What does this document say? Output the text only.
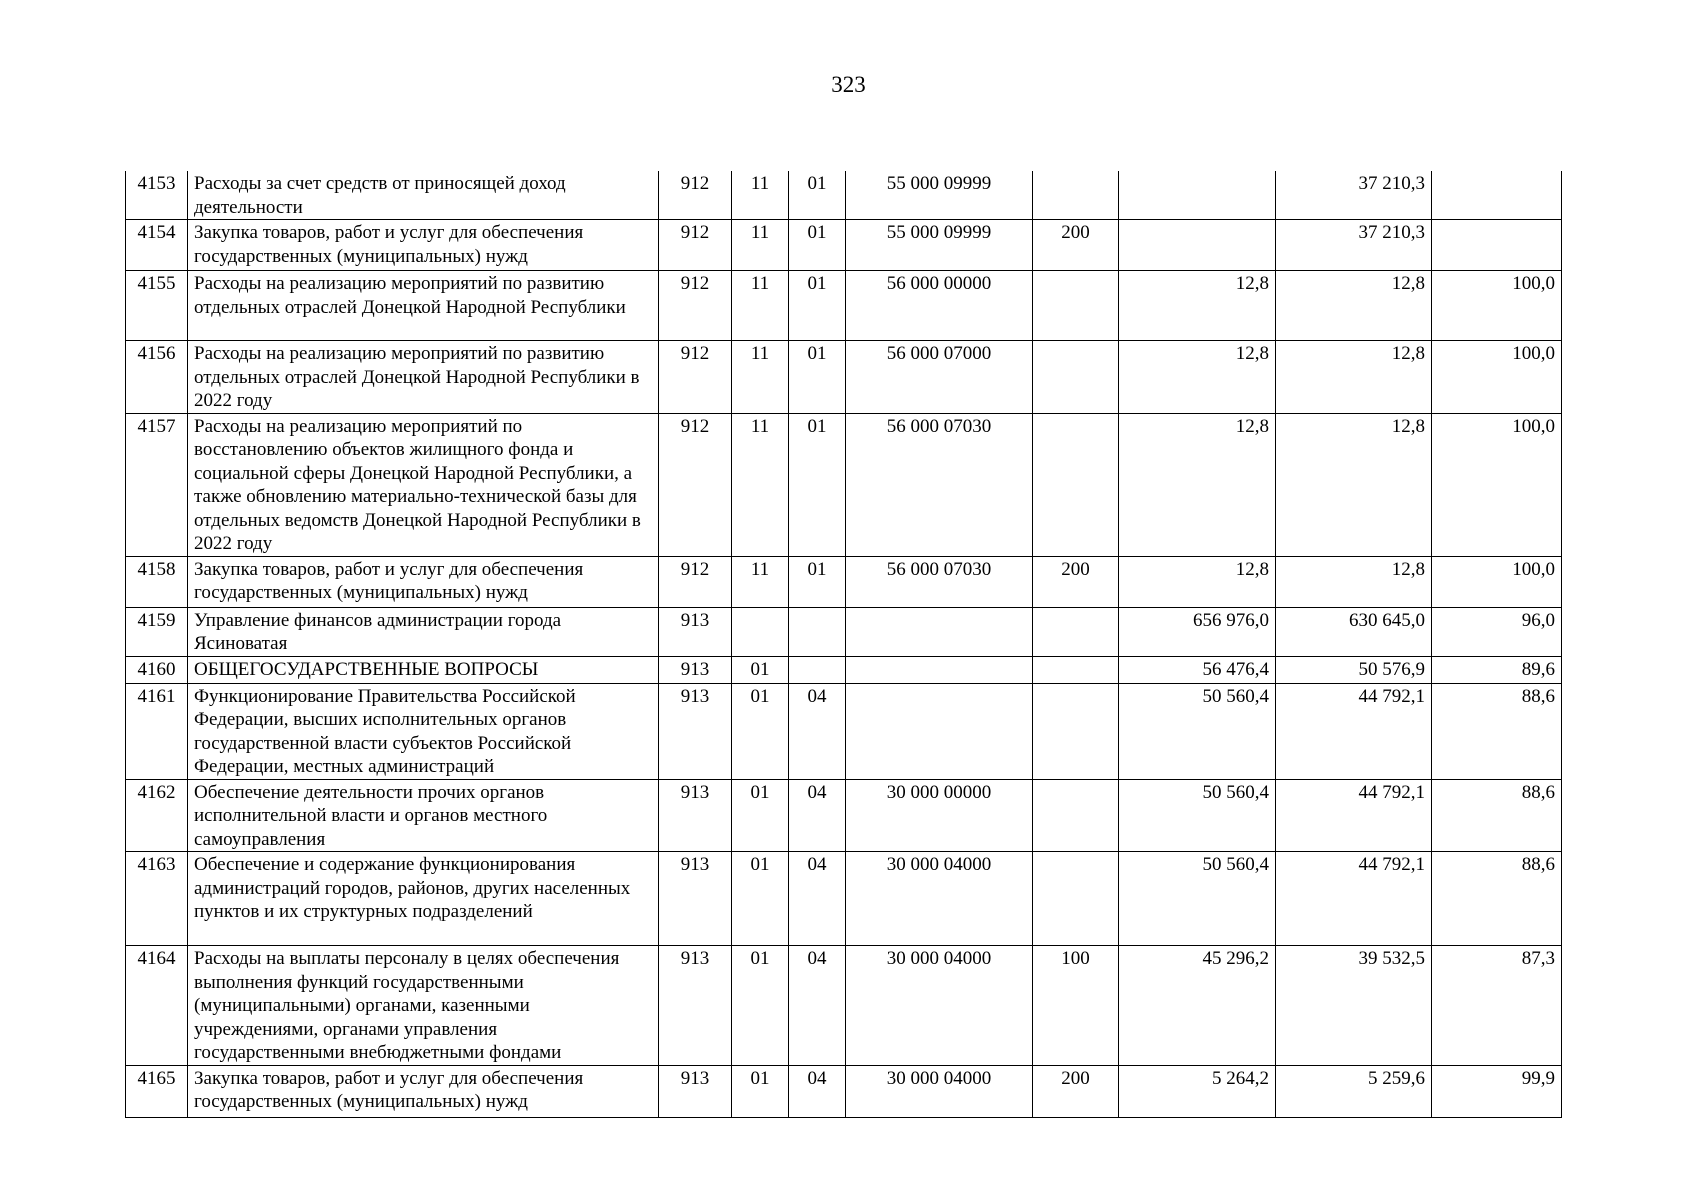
323
4153	Расходы за счет средств от приносящей доход деятельности	912	11	01	55 000 09999			37 210,3	
4154	Закупка товаров, работ и услуг для обеспечения государственных (муниципальных) нужд	912	11	01	55 000 09999	200		37 210,3	
4155	Расходы на реализацию мероприятий по развитию отдельных отраслей Донецкой Народной Республики	912	11	01	56 000 00000		12,8	12,8	100,0
4156	Расходы на реализацию мероприятий по развитию отдельных отраслей Донецкой Народной Республики в 2022 году	912	11	01	56 000 07000		12,8	12,8	100,0
4157	Расходы на реализацию мероприятий по восстановлению объектов жилищного фонда и социальной сферы Донецкой Народной Республики, а также обновлению материально-технической базы для отдельных ведомств Донецкой Народной Республики в 2022 году	912	11	01	56 000 07030		12,8	12,8	100,0
4158	Закупка товаров, работ и услуг для обеспечения государственных (муниципальных) нужд	912	11	01	56 000 07030	200	12,8	12,8	100,0
4159	Управление финансов администрации города Ясиноватая	913					656 976,0	630 645,0	96,0
4160	ОБЩЕГОСУДАРСТВЕННЫЕ ВОПРОСЫ	913	01				56 476,4	50 576,9	89,6
4161	Функционирование Правительства Российской Федерации, высших исполнительных органов государственной власти субъектов Российской Федерации, местных администраций	913	01	04			50 560,4	44 792,1	88,6
4162	Обеспечение деятельности прочих органов исполнительной власти и органов местного самоуправления	913	01	04	30 000 00000		50 560,4	44 792,1	88,6
4163	Обеспечение и содержание функционирования администраций городов, районов, других населенных пунктов и их структурных подразделений	913	01	04	30 000 04000		50 560,4	44 792,1	88,6
4164	Расходы на выплаты персоналу в целях обеспечения выполнения функций государственными (муниципальными) органами, казенными учреждениями, органами управления государственными внебюджетными фондами	913	01	04	30 000 04000	100	45 296,2	39 532,5	87,3
4165	Закупка товаров, работ и услуг для обеспечения государственных (муниципальных) нужд	913	01	04	30 000 04000	200	5 264,2	5 259,6	99,9
